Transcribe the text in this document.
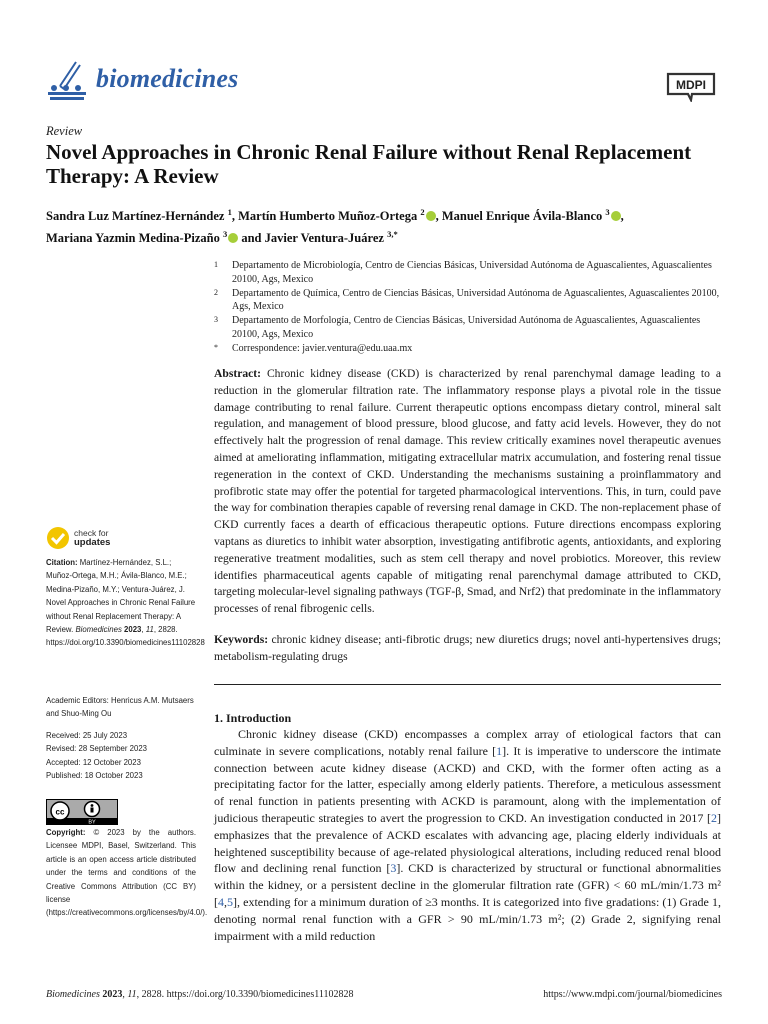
biomedicines	MDPI
Review
Novel Approaches in Chronic Renal Failure without Renal Replacement Therapy: A Review
Sandra Luz Martínez-Hernández $^1$, Martín Humberto Muñoz-Ortega $^2$ , Manuel Enrique Ávila-Blanco $^3$ ,
Mariana Yazmin Medina-Pizaño $^3$ and Javier Ventura-Juárez $^{3,*}$
1	Departamento de Microbiología, Centro de Ciencias Básicas, Universidad Autónoma de Aguascalientes, Aguascalientes 20100, Ags, Mexico
2	Departamento de Química, Centro de Ciencias Básicas, Universidad Autónoma de Aguascalientes, Aguascalientes 20100, Ags, Mexico
3	Departamento de Morfología, Centro de Ciencias Básicas, Universidad Autónoma de Aguascalientes, Aguascalientes 20100, Ags, Mexico
*	Correspondence: javier.ventura@edu.uaa.mx
Abstract: Chronic kidney disease (CKD) is characterized by renal parenchymal damage leading to a reduction in the glomerular filtration rate. The inflammatory response plays a pivotal role in the tissue damage contributing to renal failure. Current therapeutic options encompass dietary control, mineral salt regulation, and management of blood pressure, blood glucose, and fatty acid levels. However, they do not effectively halt the progression of renal damage. This review critically examines novel therapeutic avenues aimed at ameliorating inflammation, mitigating extracellular matrix accumulation, and fostering renal tissue regeneration in the context of CKD. Understanding the mechanisms sustaining a proinflammatory and profibrotic state may offer the potential for targeted pharmacological interventions. This, in turn, could pave the way for combination therapies capable of reversing renal damage in CKD. The non-replacement phase of CKD currently faces a dearth of efficacious therapeutic options. Future directions encompass exploring vaptans as diuretics to inhibit water absorption, investigating antifibrotic agents, antioxidants, and exploring regenerative treatment modalities, such as stem cell therapy and novel probiotics. Moreover, this review identifies pharmaceutical agents capable of mitigating renal parenchymal damage attributed to CKD, targeting molecular-level signaling pathways (TGF-β, Smad, and Nrf2) that predominate in the inflammatory processes of renal fibrogenic cells.
Keywords: chronic kidney disease; anti-fibrotic drugs; new diuretics drugs; novel anti-hypertensives drugs; metabolism-regulating drugs
check for
updates
Citation: Martínez-Hernández, S.L.; Muñoz-Ortega, M.H.; Ávila-Blanco, M.E.; Medina-Pizaño, M.Y.; Ventura-Juárez, J. Novel Approaches in Chronic Renal Failure without Renal Replacement Therapy: A Review. Biomedicines 2023, 11, 2828. https://doi.org/10.3390/biomedicines11102828
Academic Editors: Henricus A.M. Mutsaers and Shuo-Ming Ou
Received: 25 July 2023
Revised: 28 September 2023
Accepted: 12 October 2023
Published: 18 October 2023
cc
BY
Copyright: © 2023 by the authors. Licensee MDPI, Basel, Switzerland. This article is an open access article distributed under the terms and conditions of the Creative Commons Attribution (CC BY) license (https://creativecommons.org/licenses/by/4.0/).
1. Introduction
Chronic kidney disease (CKD) encompasses a complex array of etiological factors that can culminate in severe complications, notably renal failure [1]. It is imperative to underscore the intimate connection between acute kidney disease (ACKD) and CKD, with the former often acting as a precipitating factor for the latter, especially among elderly patients. Therefore, a meticulous assessment of renal function in patients presenting with ACKD is paramount, along with the implementation of judicious therapeutic strategies to avert the progression to CKD. An investigation conducted in 2017 [2] emphasizes that the prevalence of ACKD escalates with advancing age, placing elderly individuals at heightened susceptibility because of age-related physiological alterations, including reduced renal blood flow and declining renal function [3]. CKD is characterized by structural or functional abnormalities within the kidney, or a persistent decline in the glomerular filtration rate (GFR) < 60 mL/min/1.73 m² [4,5], extending for a minimum duration of ≥3 months. It is categorized into five gradations: (1) Grade 1, denoting normal renal function with a GFR > 90 mL/min/1.73 m²; (2) Grade 2, signifying renal impairment with a mild reduction
Biomedicines 2023, 11, 2828. https://doi.org/10.3390/biomedicines11102828	https://www.mdpi.com/journal/biomedicines
